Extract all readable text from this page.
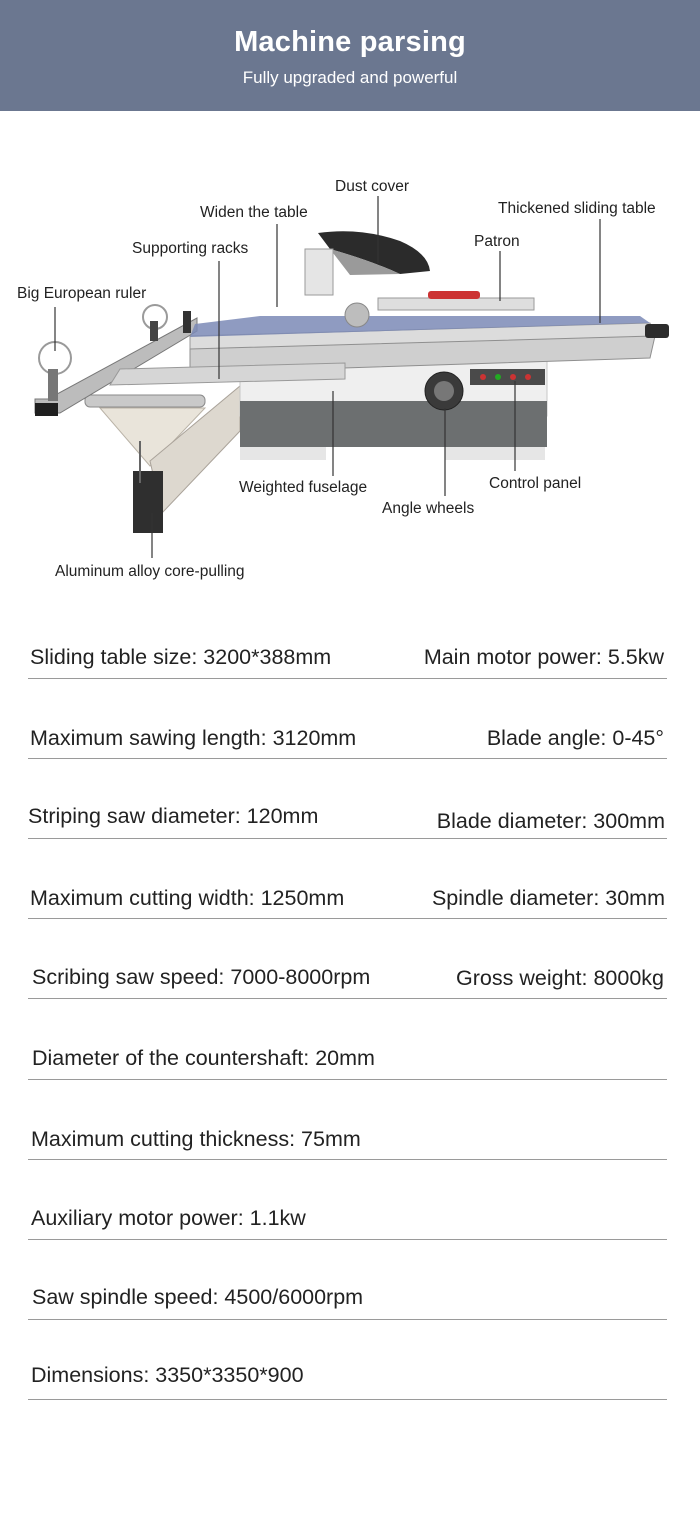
Machine parsing
Fully upgraded and powerful
Dust cover
Widen the table	Thickened sliding table
Supporting racks	Patron
Big European ruler
Weighted fuselage	Control panel
Angle wheels
Aluminum alloy core-pulling
Sliding table size: 3200*388mm	Main motor power: 5.5kw
Maximum sawing length: 3120mm	Blade angle: 0-45°
Striping saw diameter: 120mm	Blade diameter: 300mm
Maximum cutting width: 1250mm	Spindle diameter: 30mm
Scribing saw speed: 7000-8000rpm	Gross weight: 8000kg
Diameter of the countershaft: 20mm
Maximum cutting thickness: 75mm
Auxiliary motor power: 1.1kw
Saw spindle speed: 4500/6000rpm
Dimensions: 3350*3350*900
